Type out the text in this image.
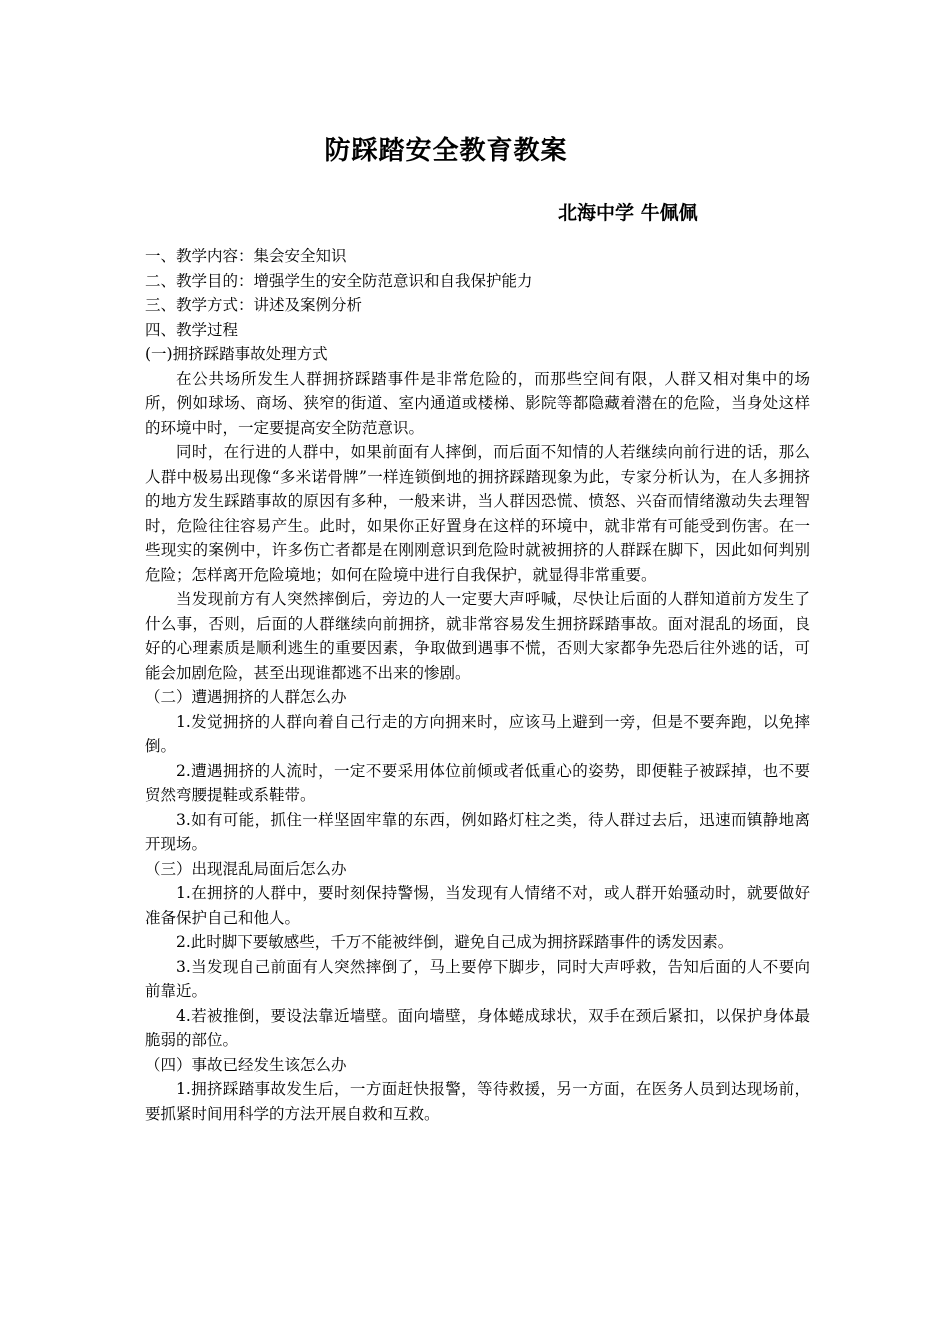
防踩踏安全教育教案
北海中学 牛佩佩

一、教学内容：集会安全知识

二、教学目的：增强学生的安全防范意识和自我保护能力

三、教学方式：讲述及案例分析

四、教学过程

(一)拥挤踩踏事故处理方式

在公共场所发生人群拥挤踩踏事件是非常危险的，而那些空间有限，人群又相对集中的场所，例如球场、商场、狭窄的街道、室内通道或楼梯、影院等都隐藏着潜在的危险，当身处这样的环境中时，一定要提高安全防范意识。

同时，在行进的人群中，如果前面有人摔倒，而后面不知情的人若继续向前行进的话，那么人群中极易出现像“多米诺骨牌”一样连锁倒地的拥挤踩踏现象为此，专家分析认为，在人多拥挤的地方发生踩踏事故的原因有多种，一般来讲，当人群因恐慌、愤怒、兴奋而情绪激动失去理智时，危险往往容易产生。此时，如果你正好置身在这样的环境中，就非常有可能受到伤害。在一些现实的案例中，许多伤亡者都是在刚刚意识到危险时就被拥挤的人群踩在脚下，因此如何判别危险；怎样离开危险境地；如何在险境中进行自我保护，就显得非常重要。

当发现前方有人突然摔倒后，旁边的人一定要大声呼喊，尽快让后面的人群知道前方发生了什么事，否则，后面的人群继续向前拥挤，就非常容易发生拥挤踩踏事故。面对混乱的场面，良好的心理素质是顺利逃生的重要因素，争取做到遇事不慌，否则大家都争先恐后往外逃的话，可能会加剧危险，甚至出现谁都逃不出来的惨剧。

（二）遭遇拥挤的人群怎么办

1.发觉拥挤的人群向着自己行走的方向拥来时，应该马上避到一旁，但是不要奔跑，以免摔倒。

2.遭遇拥挤的人流时，一定不要采用体位前倾或者低重心的姿势，即便鞋子被踩掉，也不要贸然弯腰提鞋或系鞋带。

3.如有可能，抓住一样坚固牢靠的东西，例如路灯柱之类，待人群过去后，迅速而镇静地离开现场。

（三）出现混乱局面后怎么办

1.在拥挤的人群中，要时刻保持警惕，当发现有人情绪不对，或人群开始骚动时，就要做好准备保护自己和他人。

2.此时脚下要敏感些，千万不能被绊倒，避免自己成为拥挤踩踏事件的诱发因素。

3.当发现自己前面有人突然摔倒了，马上要停下脚步，同时大声呼救，告知后面的人不要向前靠近。

4.若被推倒，要设法靠近墙壁。面向墙壁，身体蜷成球状，双手在颈后紧扣，以保护身体最脆弱的部位。

（四）事故已经发生该怎么办

1.拥挤踩踏事故发生后，一方面赶快报警，等待救援，另一方面，在医务人员到达现场前，要抓紧时间用科学的方法开展自救和互救。
